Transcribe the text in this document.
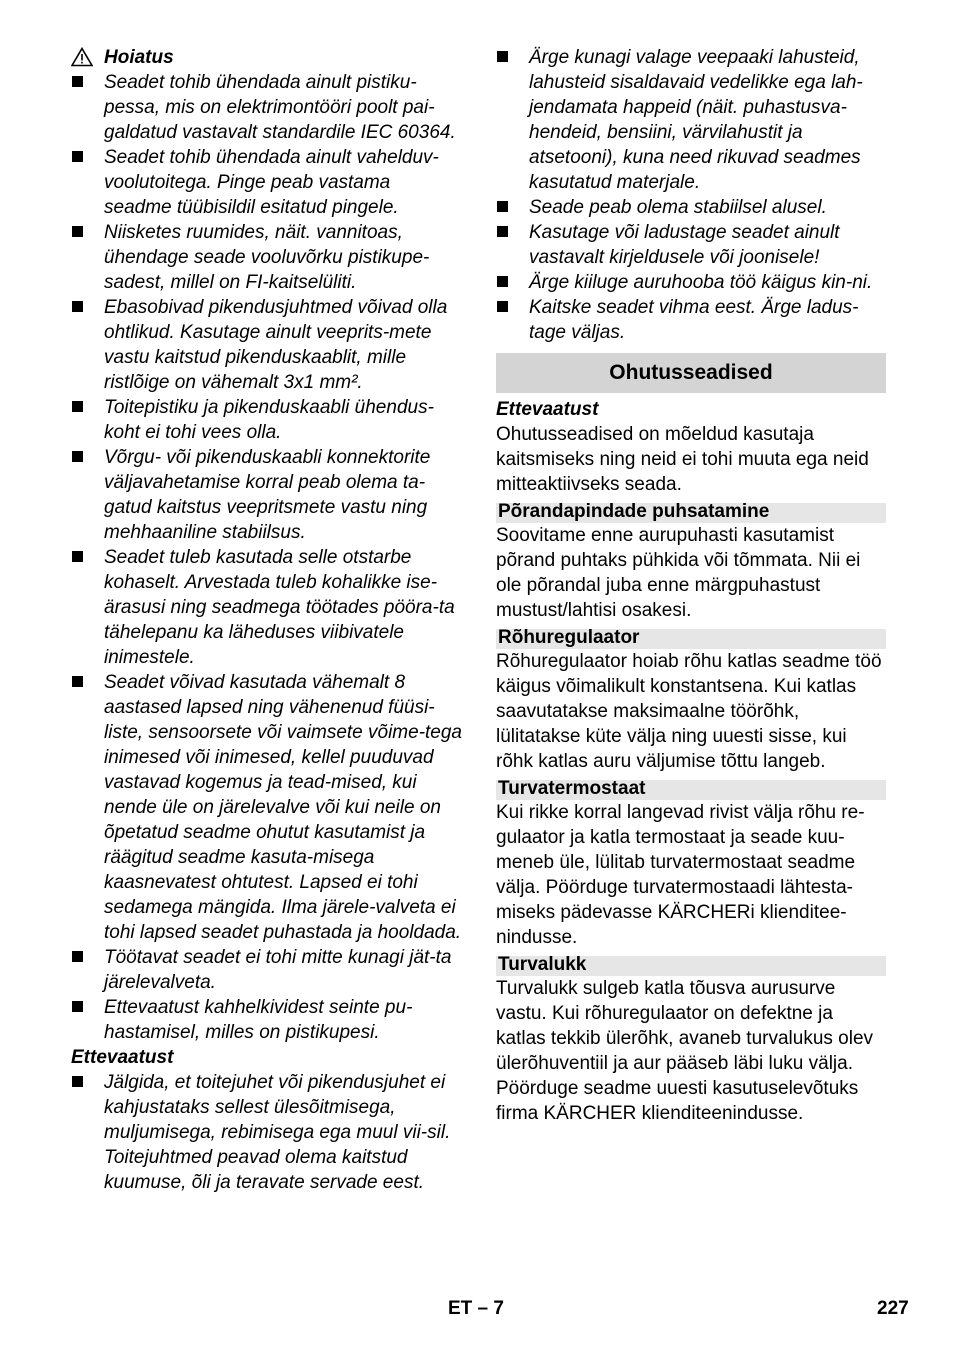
Hoiatus
Seadet tohib ühendada ainult pistiku-pessa, mis on elektrimontööri poolt pai-galdatud vastavalt standardile IEC 60364.
Seadet tohib ühendada ainult vahelduv-voolutoitega. Pinge peab vastama seadme tüübisildil esitatud pingele.
Niisketes ruumides, näit. vannitoas, ühendage seade vooluvõrku pistikupe-sadest, millel on FI-kaitselüliti.
Ebasobivad pikendusjuhtmed võivad olla ohtlikud. Kasutage ainult veeprits-mete vastu kaitstud pikenduskaablit, mille ristlõige on vähemalt 3x1 mm².
Toitepistiku ja pikenduskaabli ühendus-koht ei tohi vees olla.
Võrgu- või pikenduskaabli konnektorite väljavahetamise korral peab olema ta-gatud kaitstus veepritsmete vastu ning mehhaaniline stabiilsus.
Seadet tuleb kasutada selle otstarbe kohaselt. Arvestada tuleb kohalikke ise-ärasusi ning seadmega töötades pööra-ta tähelepanu ka läheduses viibivatele inimestele.
Seadet võivad kasutada vähemalt 8 aastased lapsed ning vähenenud füüsi-liste, sensoorsete või vaimsete võime-tega inimesed või inimesed, kellel puuduvad vastavad kogemus ja tead-mised, kui nende üle on järelevalve või kui neile on õpetatud seadme ohutut kasutamist ja räägitud seadme kasuta-misega kaasnevatest ohtutest. Lapsed ei tohi sedamega mängida. Ilma järele-valveta ei tohi lapsed seadet puhastada ja hooldada.
Töötavat seadet ei tohi mitte kunagi jät-ta järelevalveta.
Ettevaatust kahhelkividest seinte pu-hastamisel, milles on pistikupesi.

Ettevaatust

Jälgida, et toitejuhet või pikendusjuhet ei kahjustataks sellest ülesõitmisega, muljumisega, rebimisega ega muul vii-sil. Toitejuhtmed peavad olema kaitstud kuumuse, õli ja teravate servade eest.
Ärge kunagi valage veepaaki lahusteid, lahusteid sisaldavaid vedelikke ega lah-jendamata happeid (näit. puhastusva-hendeid, bensiini, värvilahustit ja atsetooni), kuna need rikuvad seadmes kasutatud materjale.
Seade peab olema stabiilsel alusel.
Kasutage või ladustage seadet ainult vastavalt kirjeldusele või joonisele!
Ärge kiiluge auruhooba töö käigus kin-ni.
Kaitske seadet vihma eest. Ärge ladus-tage väljas.
Ohutusseadised

Ettevaatust

Ohutusseadised on mõeldud kasutaja kaitsmiseks ning neid ei tohi muuta ega neid mitteaktiivseks seada.

Põrandapindade puhsatamine

Soovitame enne aurupuhasti kasutamist põrand puhtaks pühkida või tõmmata. Nii ei ole põrandal juba enne märgpuhastust mustust/lahtisi osakesi.

Rõhuregulaator

Rõhuregulaator hoiab rõhu katlas seadme töö käigus võimalikult konstantsena. Kui katlas saavutatakse maksimaalne töörõhk, lülitatakse küte välja ning uuesti sisse, kui rõhk katlas auru väljumise tõttu langeb.

Turvatermostaat

Kui rikke korral langevad rivist välja rõhu re-gulaator ja katla termostaat ja seade kuu-meneb üle, lülitab turvatermostaat seadme välja. Pöörduge turvatermostaadi lähtesta-miseks pädevasse KÄRCHERi klienditee-nindusse.

Turvalukk

Turvalukk sulgeb katla tõusva aurusurve vastu. Kui rõhuregulaator on defektne ja katlas tekkib ülerõhk, avaneb turvalukus olev ülerõhuventiil ja aur pääseb läbi luku välja.

Pöörduge seadme uuesti kasutuselevõtuks firma KÄRCHER klienditeenindusse.

ET – 7	227
